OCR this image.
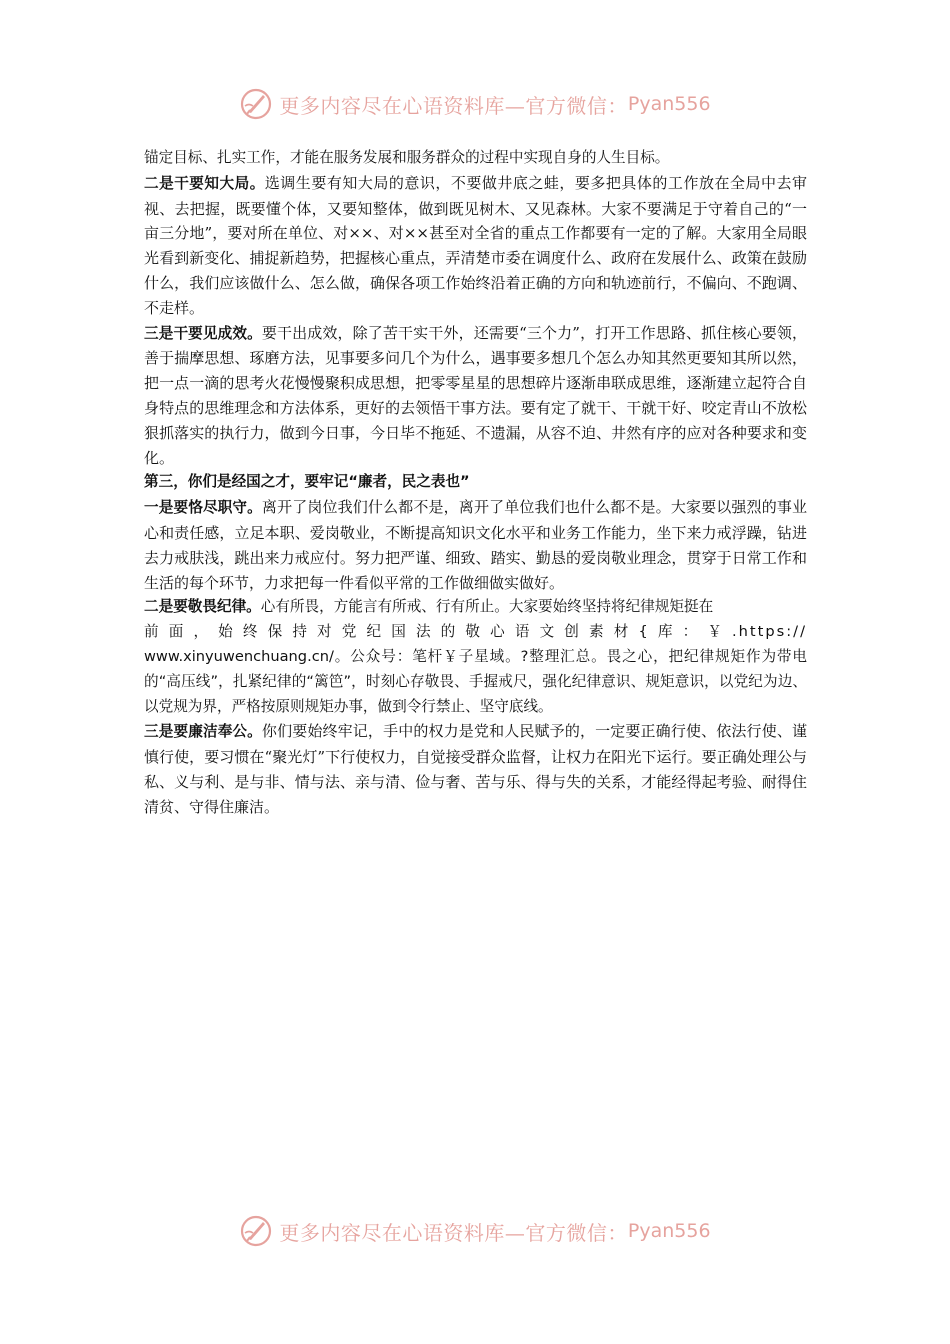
更多内容尽在心语资料库—官方微信： Pyan556

锚定目标、扎实工作，才能在服务发展和服务群众的过程中实现自身的人生目标。

二是干要知大局。选调生要有知大局的意识，不要做井底之蛙，要多把具体的工作放在全局中去审视、去把握，既要懂个体，又要知整体，做到既见树木、又见森林。大家不要满足于守着自己的“一亩三分地”，要对所在单位、对××、对××甚至对全省的重点工作都要有一定的了解。大家用全局眼光看到新变化、捕捉新趋势，把握核心重点，弄清楚市委在调度什么、政府在发展什么、政策在鼓励什么，我们应该做什么、怎么做，确保各项工作始终沿着正确的方向和轨迹前行，不偏向、不跑调、不走样。

三是干要见成效。要干出成效，除了苦干实干外，还需要“三个力”，打开工作思路、抓住核心要领，善于揣摩思想、琢磨方法，见事要多问几个为什么，遇事要多想几个怎么办知其然更要知其所以然，把一点一滴的思考火花慢慢聚积成思想，把零零星星的思想碎片逐渐串联成思维，逐渐建立起符合自身特点的思维理念和方法体系，更好的去领悟干事方法。要有定了就干、干就干好、咬定青山不放松狠抓落实的执行力，做到今日事，今日毕不拖延、不遗漏，从容不迫、井然有序的应对各种要求和变化。

第三，你们是经国之才，要牢记“廉者，民之表也”

一是要恪尽职守。离开了岗位我们什么都不是，离开了单位我们也什么都不是。大家要以强烈的事业心和责任感，立足本职、爱岗敬业，不断提高知识文化水平和业务工作能力，坐下来力戒浮躁，钻进去力戒肤浅，跳出来力戒应付。努力把严谨、细致、踏实、勤恳的爱岗敬业理念，贯穿于日常工作和生活的每个环节，力求把每一件看似平常的工作做细做实做好。

二是要敬畏纪律。心有所畏，方能言有所戒、行有所止。大家要始终坚持将纪律规矩挺在

前面，始终保持对党纪国法的敬心语文创素材{库：￥.https://

www.xinyuwenchuang.cn/。公众号：笔杆￥子星域。?整理汇总。畏之心，把纪律规矩作为带电的“高压线”，扎紧纪律的“篱笆”，时刻心存敬畏、手握戒尺，强化纪律意识、规矩意识，以党纪为边、以党规为界，严格按原则规矩办事，做到令行禁止、坚守底线。

三是要廉洁奉公。你们要始终牢记，手中的权力是党和人民赋予的，一定要正确行使、依法行使、谨慎行使，要习惯在“聚光灯”下行使权力，自觉接受群众监督，让权力在阳光下运行。要正确处理公与私、义与利、是与非、情与法、亲与清、俭与奢、苦与乐、得与失的关系，才能经得起考验、耐得住清贫、守得住廉洁。

更多内容尽在心语资料库—官方微信： Pyan556
